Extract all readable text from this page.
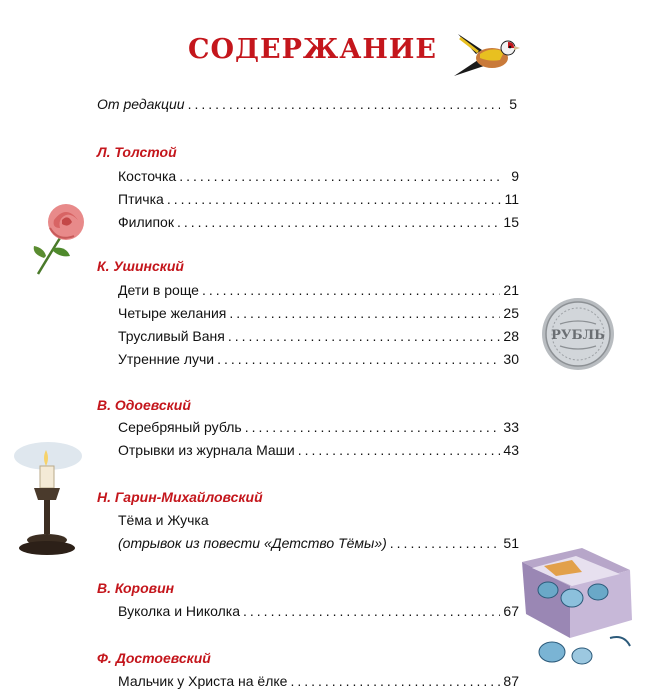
СОДЕРЖАНИЕ
РУБЛЬ
От редакции .....	5
Л. Толстой
Косточка .....	9
Птичка .....	11
Филипок .....	15
К. Ушинский
Дети в роще .....	21
Четыре желания .....	25
Трусливый Ваня .....	28
Утренние лучи .....	30
В. Одоевский
Серебряный рубль .....	33
Отрывки из журнала Маши .....	43
Н. Гарин-Михайловский
Тёма и Жучка
(отрывок из повести «Детство Тёмы») .....	51
В. Коровин
Вуколка и Николка .....	67
Ф. Достоевский
Мальчик у Христа на ёлке .....	87
